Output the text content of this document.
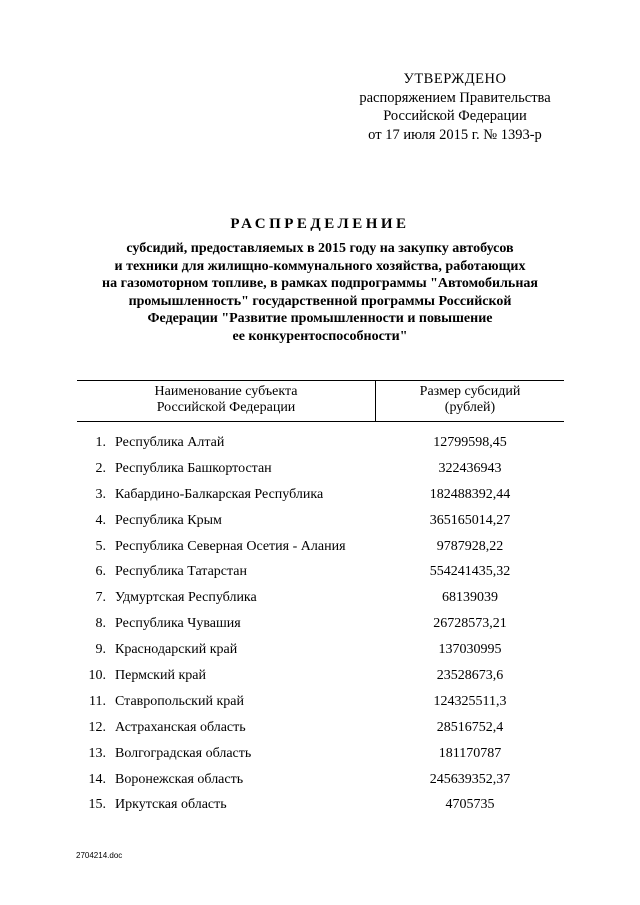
УТВЕРЖДЕНО
распоряжением Правительства
Российской Федерации
от 17 июля 2015 г. № 1393-р
РАСПРЕДЕЛЕНИЕ
субсидий, предоставляемых в 2015 году на закупку автобусов
и техники для жилищно-коммунального хозяйства, работающих
на газомоторном топливе, в рамках подпрограммы "Автомобильная
промышленность" государственной программы Российской
Федерации "Развитие промышленности и повышение
ее конкурентоспособности"
Наименование субъекта
Российской Федерации
Размер субсидий
(рублей)
1. Республика Алтай	12799598,45
2. Республика Башкортостан	322436943
3. Кабардино-Балкарская Республика	182488392,44
4. Республика Крым	365165014,27
5. Республика Северная Осетия - Алания	9787928,22
6. Республика Татарстан	554241435,32
7. Удмуртская Республика	68139039
8. Республика Чувашия	26728573,21
9. Краснодарский край	137030995
10. Пермский край	23528673,6
11. Ставропольский край	124325511,3
12. Астраханская область	28516752,4
13. Волгоградская область	181170787
14. Воронежская область	245639352,37
15. Иркутская область	4705735
2704214.doc
